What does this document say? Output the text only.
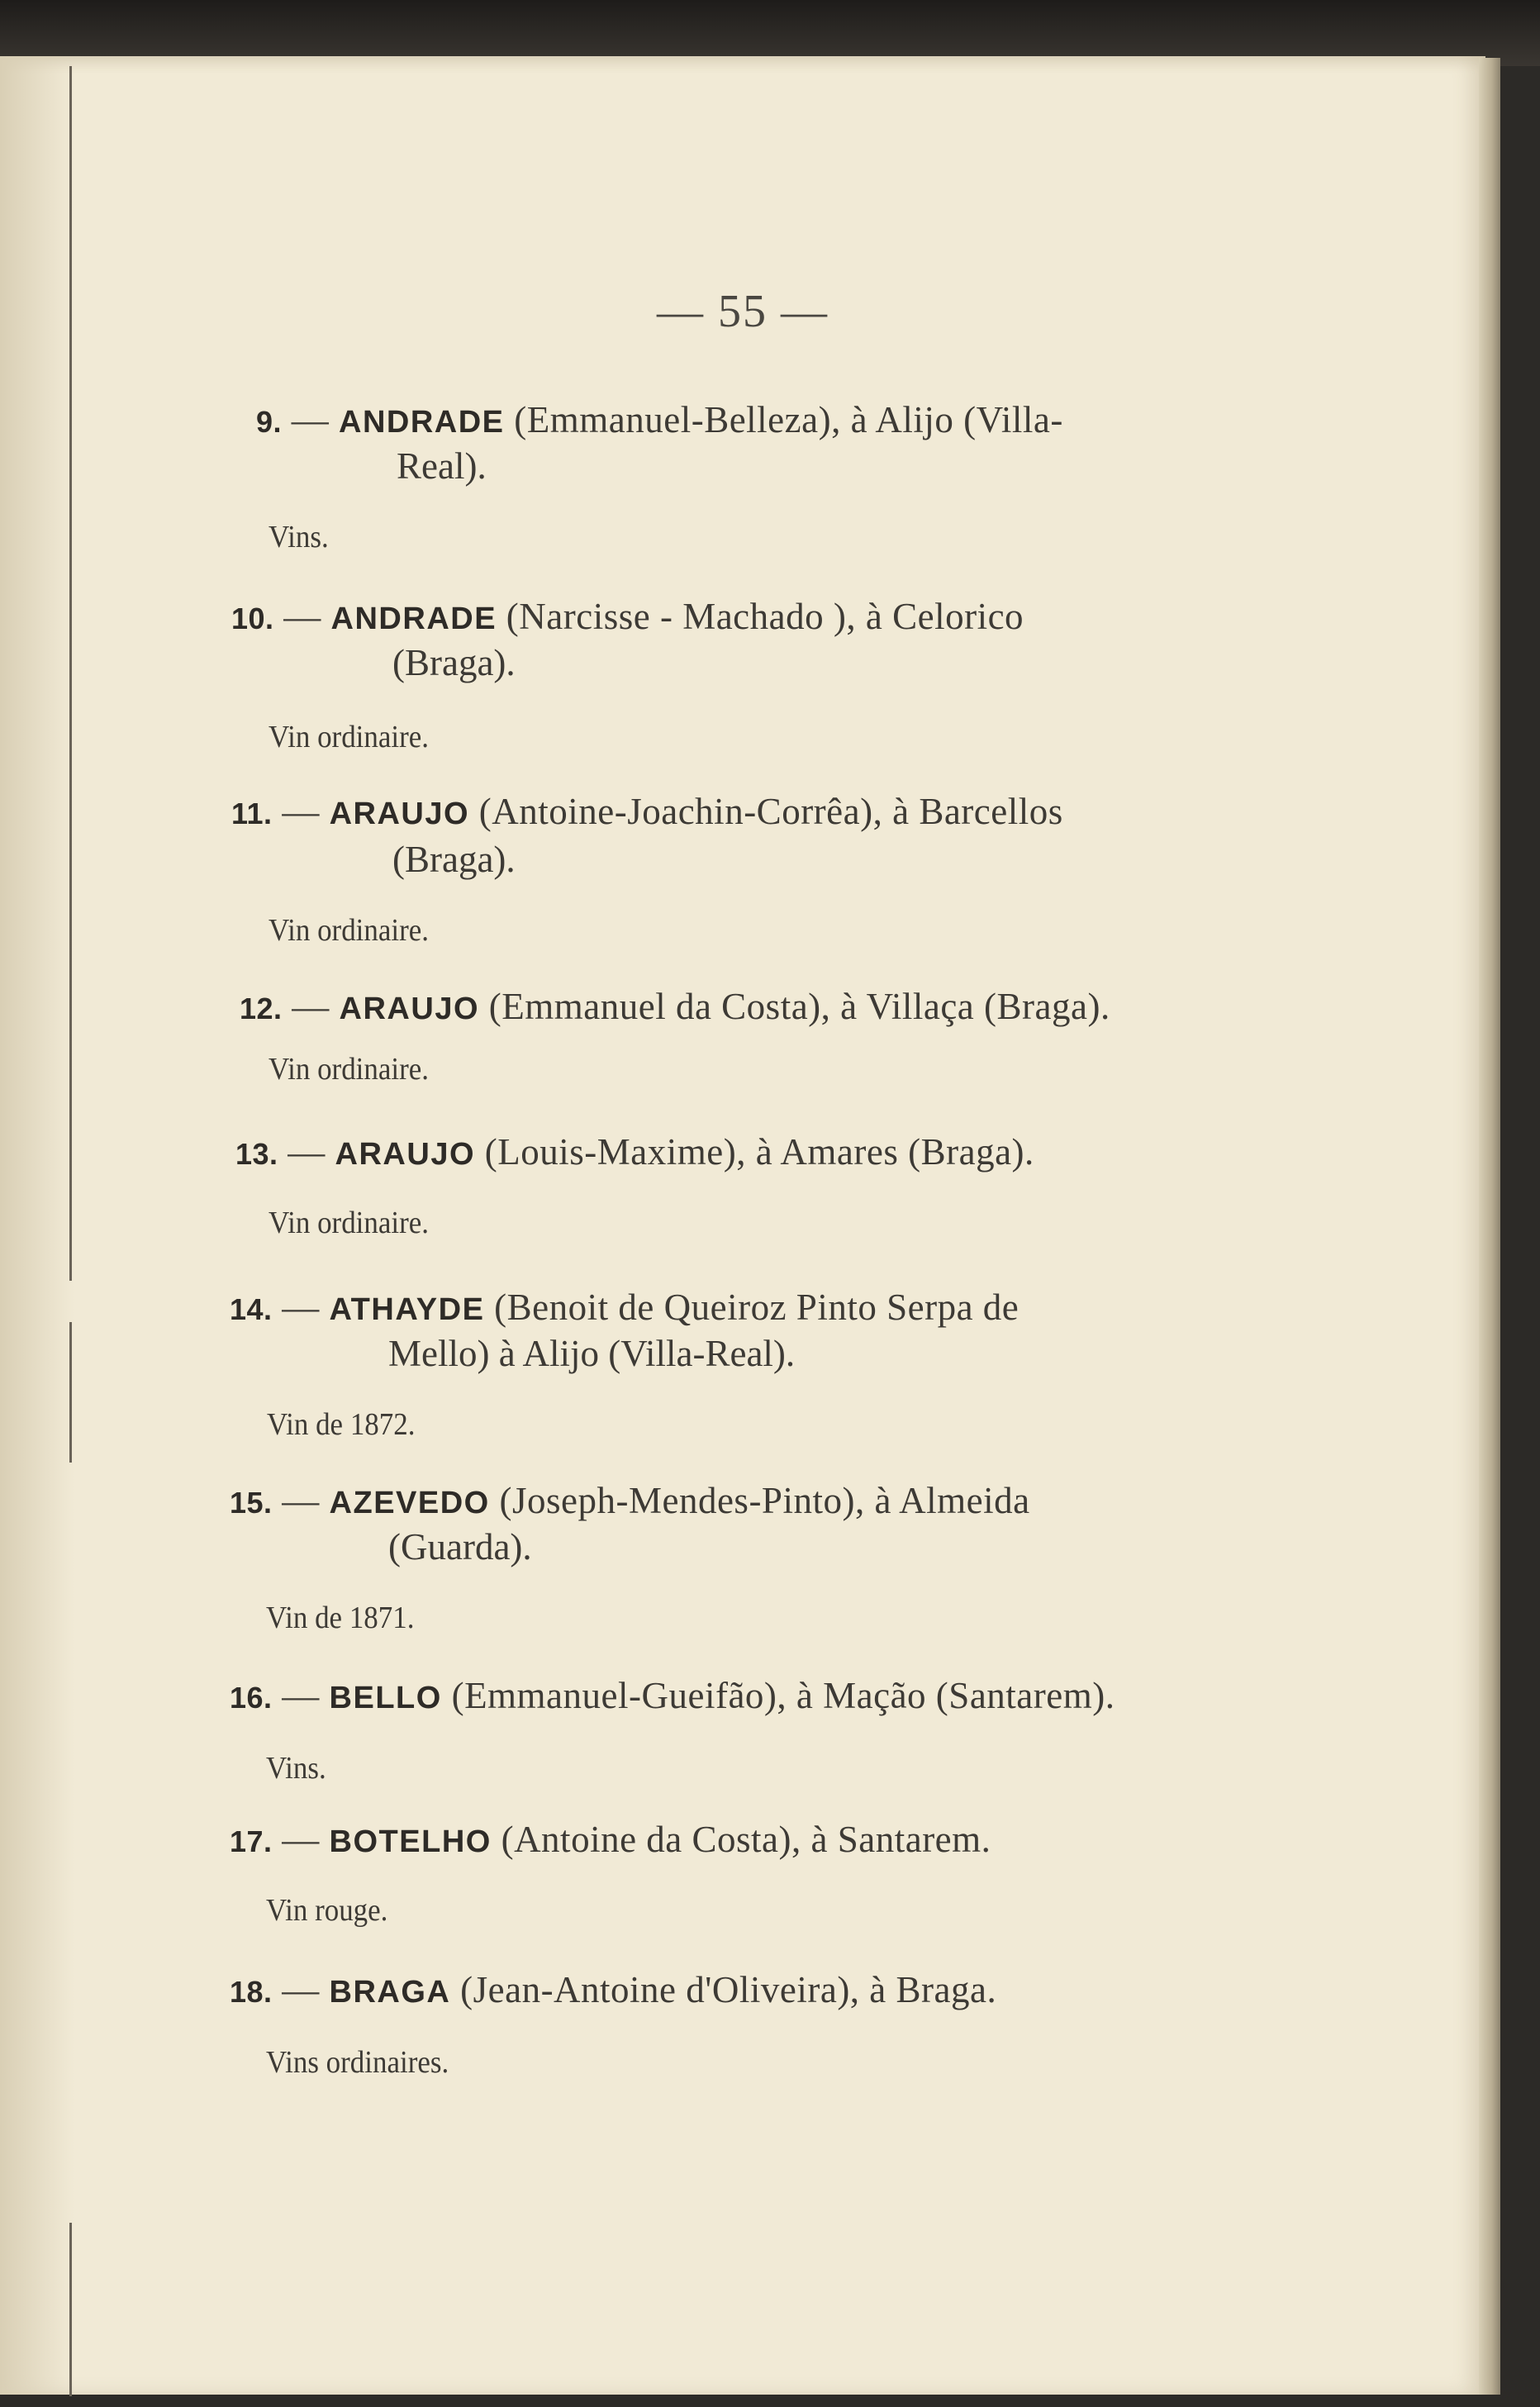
— 55 —
9. — ANDRADE (Emmanuel-Belleza), à Alijo (Villa-
Real).
Vins.
10. — ANDRADE (Narcisse - Machado ), à Celorico
(Braga).
Vin ordinaire.
11. — ARAUJO (Antoine-Joachin-Corrêa), à Barcellos
(Braga).
Vin ordinaire.
12. — ARAUJO (Emmanuel da Costa), à Villaça (Braga).
Vin ordinaire.
13. — ARAUJO (Louis-Maxime), à Amares (Braga).
Vin ordinaire.
14. — ATHAYDE (Benoit de Queiroz Pinto Serpa de
Mello) à Alijo (Villa-Real).
Vin de 1872.
15. — AZEVEDO (Joseph-Mendes-Pinto), à Almeida
(Guarda).
Vin de 1871.
16. — BELLO (Emmanuel-Gueifão), à Mação (Santarem).
Vins.
17. — BOTELHO (Antoine da Costa), à Santarem.
Vin rouge.
18. — BRAGA (Jean-Antoine d'Oliveira), à Braga.
Vins ordinaires.
